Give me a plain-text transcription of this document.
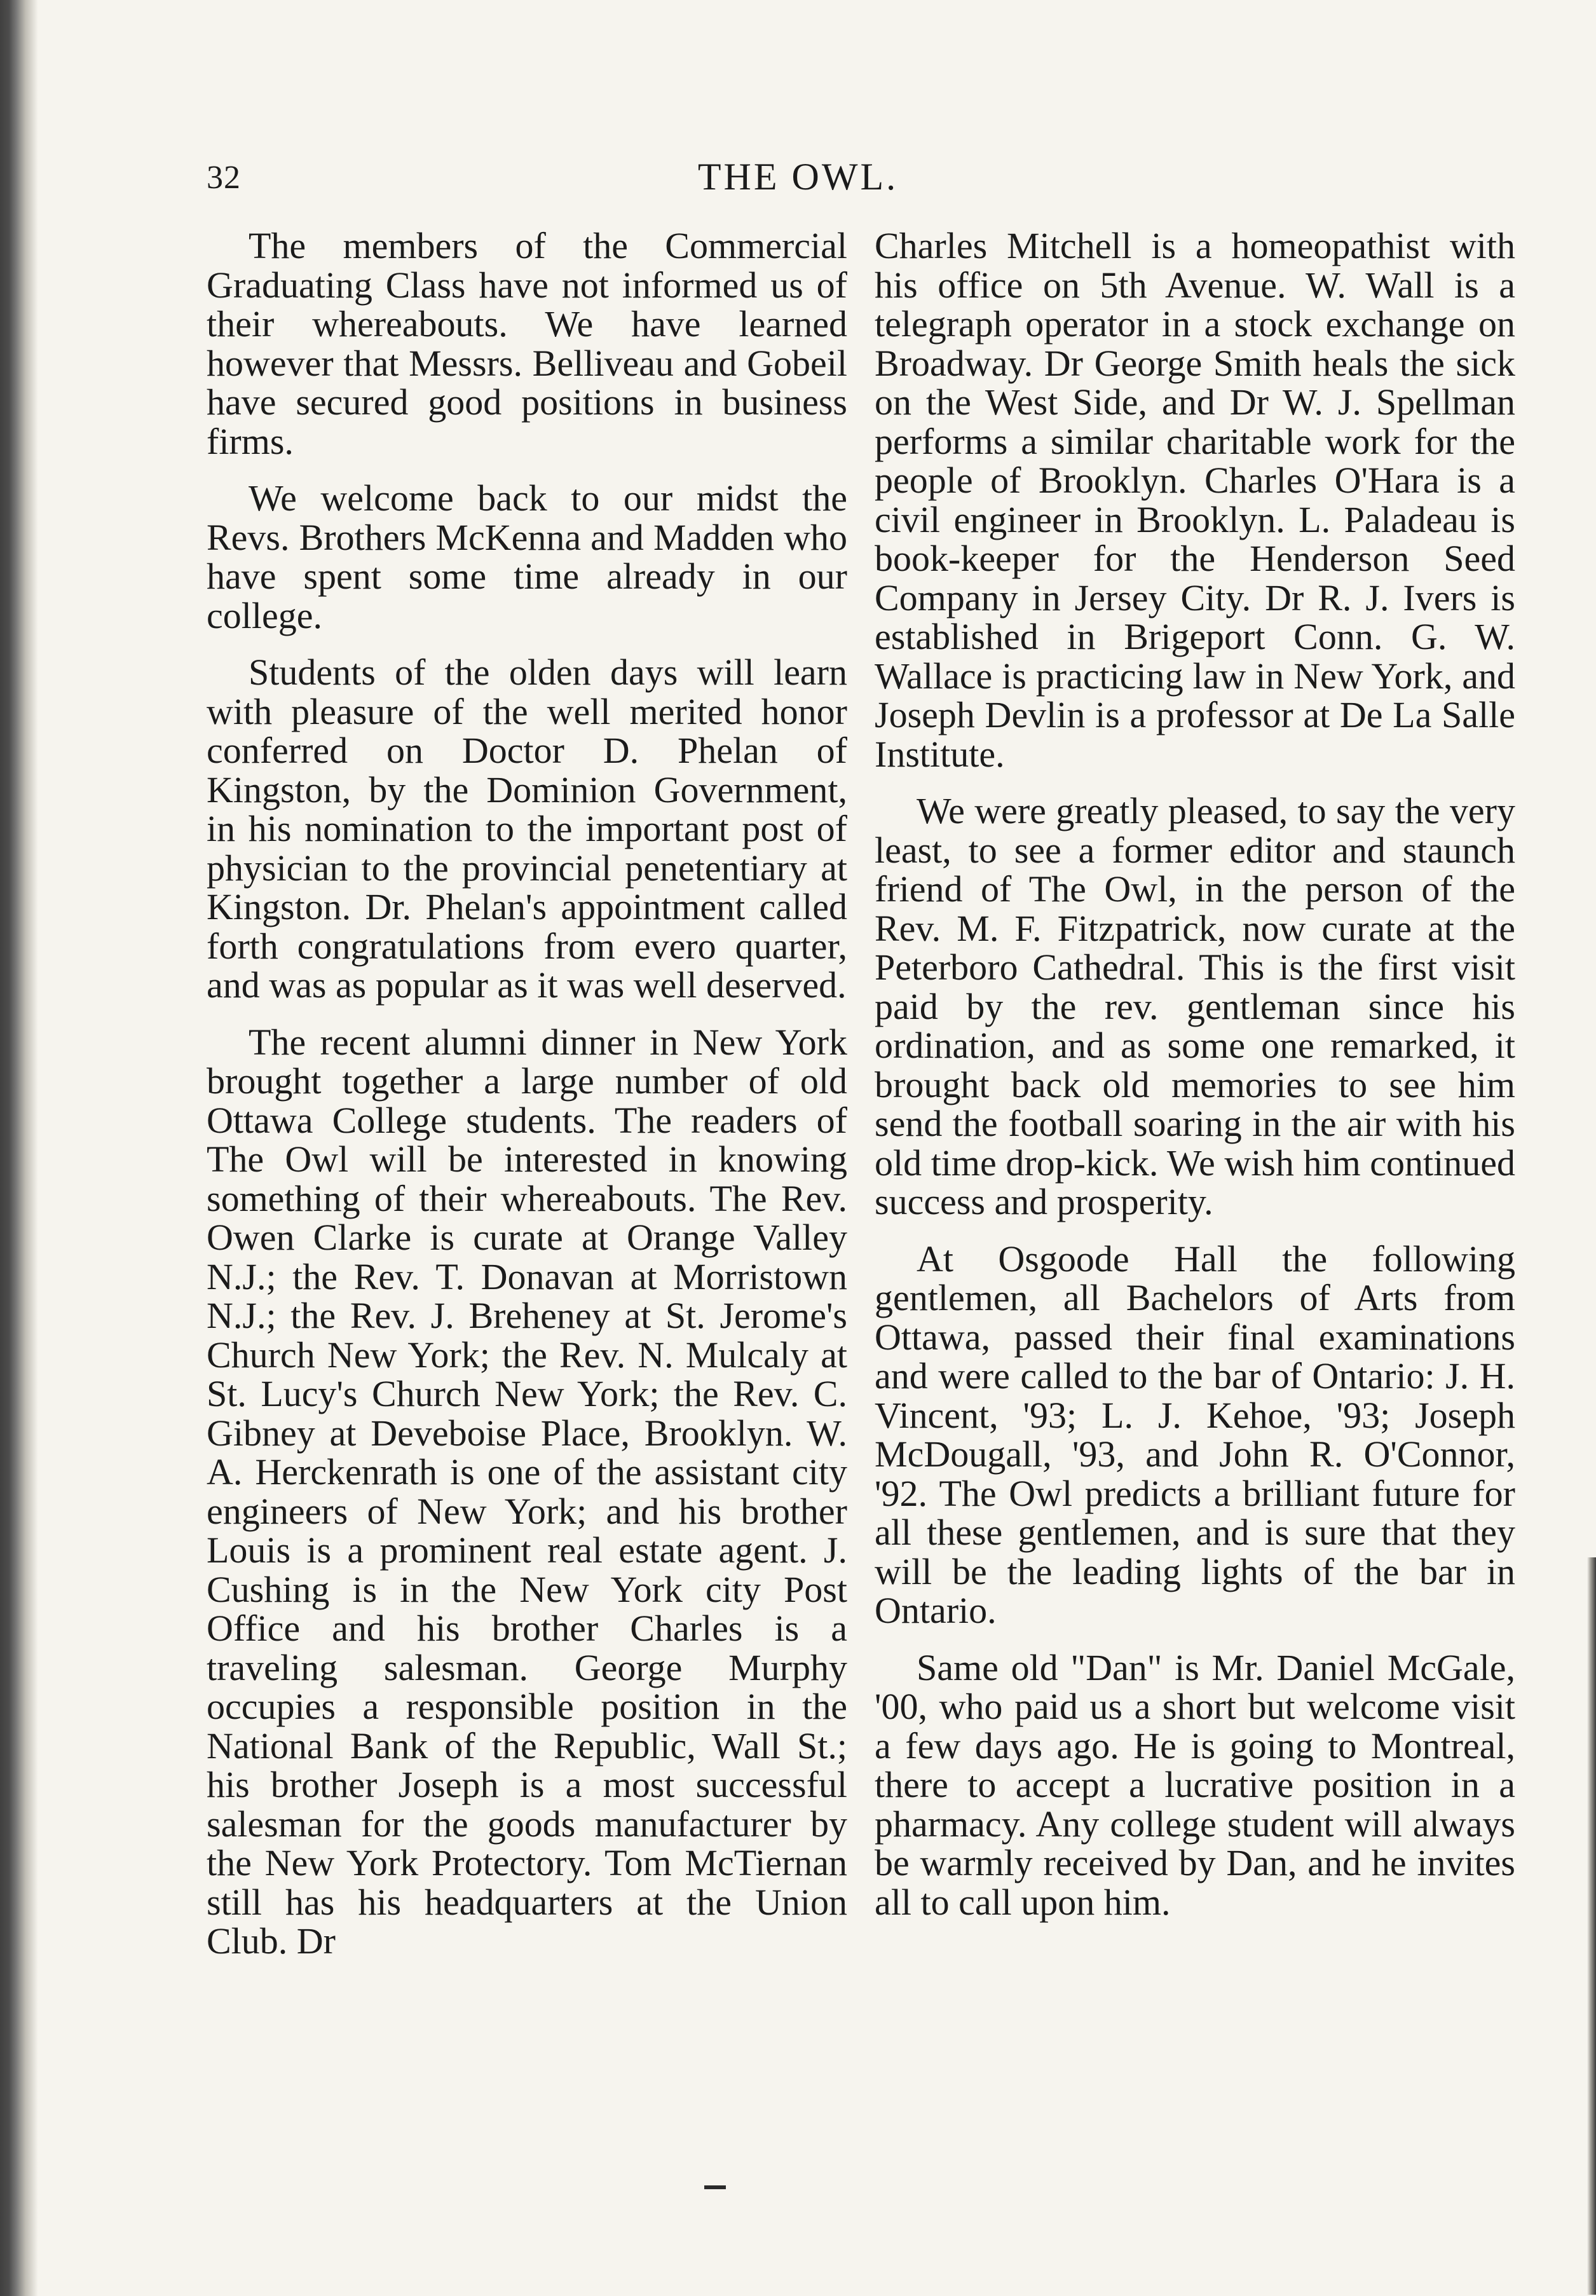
32	THE OWL.

The members of the Commercial Graduating Class have not informed us of their whereabouts. We have learned however that Messrs. Belliveau and Gobeil have secured good positions in business firms.

We welcome back to our midst the Revs. Brothers McKenna and Madden who have spent some time already in our college.

Students of the olden days will learn with pleasure of the well merited honor conferred on Doctor D. Phelan of Kingston, by the Dominion Government, in his nomination to the important post of physician to the provincial penetentiary at Kingston. Dr. Phelan's appointment called forth congratulations from evero quarter, and was as popular as it was well deserved.

The recent alumni dinner in New York brought together a large number of old Ottawa College students. The readers of The Owl will be interested in knowing something of their whereabouts. The Rev. Owen Clarke is curate at Orange Valley N.J.; the Rev. T. Donavan at Morristown N.J.; the Rev. J. Breheney at St. Jerome's Church New York; the Rev. N. Mulcaly at St. Lucy's Church New York; the Rev. C. Gibney at Deveboise Place, Brooklyn. W. A. Herckenrath is one of the assistant city engineers of New York; and his brother Louis is a prominent real estate agent. J. Cushing is in the New York city Post Office and his brother Charles is a traveling salesman. George Murphy occupies a responsible position in the National Bank of the Republic, Wall St.; his brother Joseph is a most successful salesman for the goods manufacturer by the New York Protectory. Tom McTiernan still has his headquarters at the Union Club. Dr

Charles Mitchell is a homeopathist with his office on 5th Avenue. W. Wall is a telegraph operator in a stock exchange on Broadway. Dr George Smith heals the sick on the West Side, and Dr W. J. Spellman performs a similar charitable work for the people of Brooklyn. Charles O'Hara is a civil engineer in Brooklyn. L. Paladeau is book-keeper for the Henderson Seed Company in Jersey City. Dr R. J. Ivers is established in Brigeport Conn. G. W. Wallace is practicing law in New York, and Joseph Devlin is a professor at De La Salle Institute.

We were greatly pleased, to say the very least, to see a former editor and staunch friend of The Owl, in the person of the Rev. M. F. Fitzpatrick, now curate at the Peterboro Cathedral. This is the first visit paid by the rev. gentleman since his ordination, and as some one remarked, it brought back old memories to see him send the football soaring in the air with his old time drop-kick. We wish him continued success and prosperity.

At Osgoode Hall the following gentlemen, all Bachelors of Arts from Ottawa, passed their final examinations and were called to the bar of Ontario: J. H. Vincent, '93; L. J. Kehoe, '93; Joseph McDougall, '93, and John R. O'Connor, '92. The Owl predicts a brilliant future for all these gentlemen, and is sure that they will be the leading lights of the bar in Ontario.

Same old "Dan" is Mr. Daniel McGale, '00, who paid us a short but welcome visit a few days ago. He is going to Montreal, there to accept a lucrative position in a pharmacy. Any college student will always be warmly received by Dan, and he invites all to call upon him.
